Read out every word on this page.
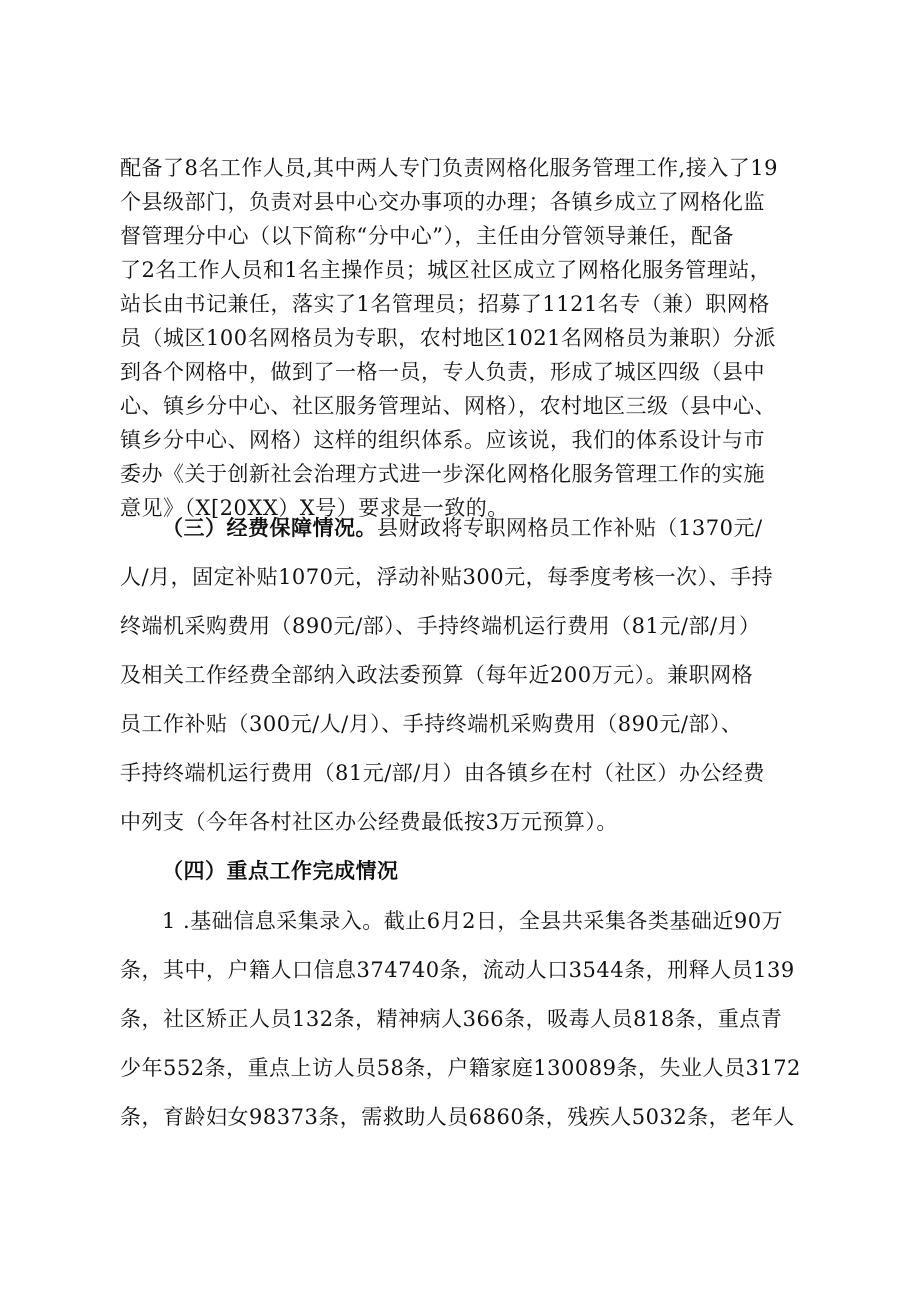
配备了8名工作人员,其中两人专门负责网格化服务管理工作,接入了19
个县级部门，负责对县中心交办事项的办理；各镇乡成立了网格化监
督管理分中心（以下简称“分中心”），主任由分管领导兼任，配备
了2名工作人员和1名主操作员；城区社区成立了网格化服务管理站，
站长由书记兼任，落实了1名管理员；招募了1121名专（兼）职网格
员（城区100名网格员为专职，农村地区1021名网格员为兼职）分派
到各个网格中，做到了一格一员，专人负责，形成了城区四级（县中
心、镇乡分中心、社区服务管理站、网格），农村地区三级（县中心、
镇乡分中心、网格）这样的组织体系。应该说，我们的体系设计与市
委办《关于创新社会治理方式进一步深化网格化服务管理工作的实施
意见》（X[20XX）X号）要求是一致的。
（三）经费保障情况。县财政将专职网格员工作补贴（1370元/
人/月，固定补贴1070元，浮动补贴300元，每季度考核一次）、手持
终端机采购费用（890元/部）、手持终端机运行费用（81元/部/月）
及相关工作经费全部纳入政法委预算（每年近200万元）。兼职网格
员工作补贴（300元/人/月）、手持终端机采购费用（890元/部）、
手持终端机运行费用（81元/部/月）由各镇乡在村（社区）办公经费
中列支（今年各村社区办公经费最低按3万元预算）。
（四）重点工作完成情况
1 .基础信息采集录入。截止6月2日，全县共采集各类基础近90万
条，其中，户籍人口信息374740条，流动人口3544条，刑释人员139
条，社区矫正人员132条，精神病人366条，吸毒人员818条，重点青
少年552条，重点上访人员58条，户籍家庭130089条，失业人员3172
条，育龄妇女98373条，需救助人员6860条，残疾人5032条，老年人
